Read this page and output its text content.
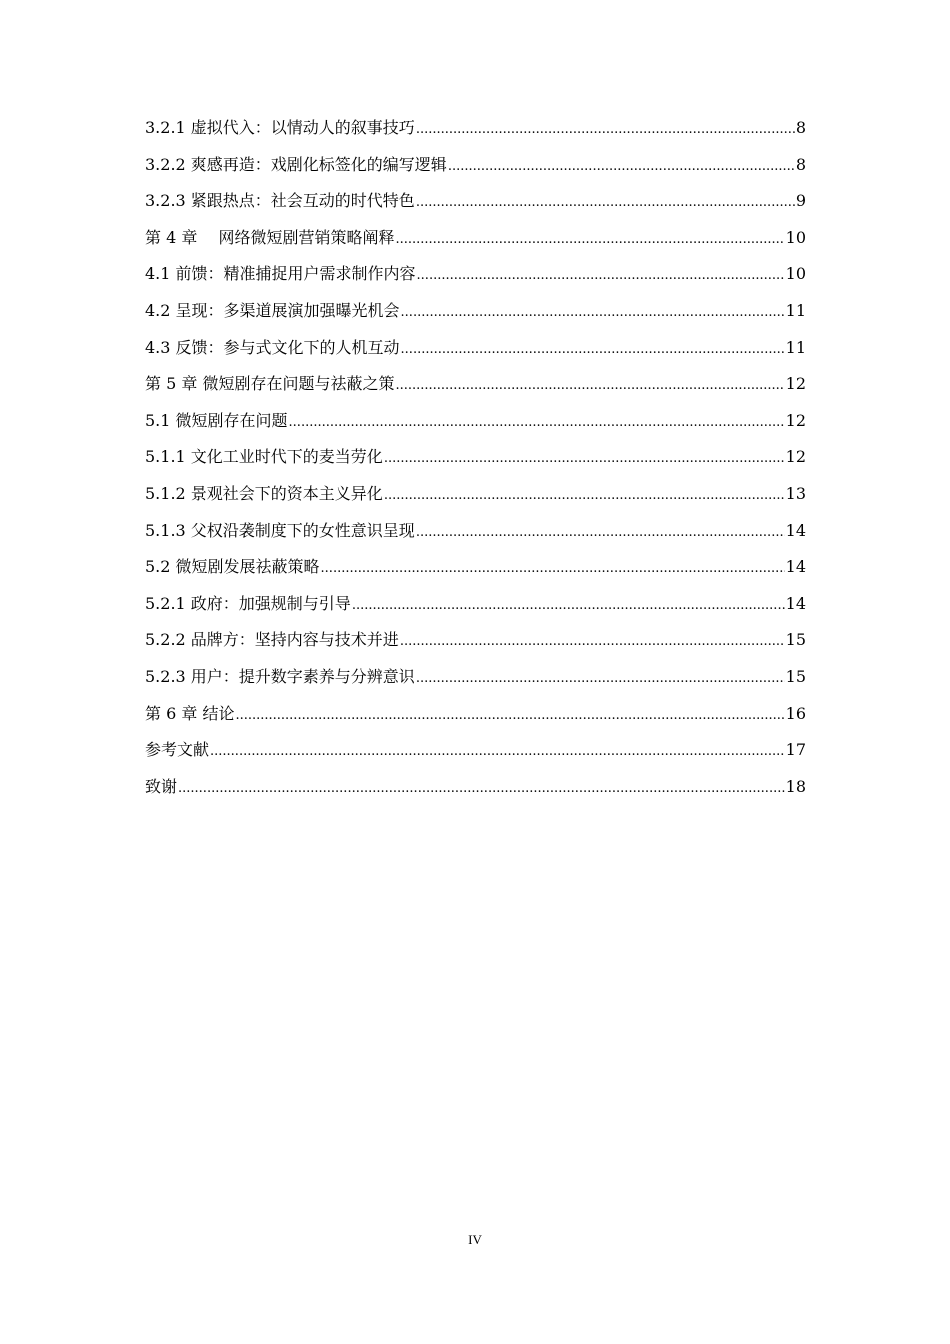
3.2.1 虚拟代入：以情动人的叙事技巧 .....	8
3.2.2 爽感再造：戏剧化标签化的编写逻辑 .....	8
3.2.3 紧跟热点：社会互动的时代特色 .....	9
第 4 章　 网络微短剧营销策略阐释 .....	10
4.1 前馈：精准捕捉用户需求制作内容 .....	10
4.2 呈现：多渠道展演加强曝光机会 .....	11
4.3 反馈：参与式文化下的人机互动 .....	11
第 5 章 微短剧存在问题与祛蔽之策 .....	12
5.1 微短剧存在问题 .....	12
5.1.1 文化工业时代下的麦当劳化 .....	12
5.1.2 景观社会下的资本主义异化 .....	13
5.1.3 父权沿袭制度下的女性意识呈现 .....	14
5.2 微短剧发展祛蔽策略 .....	14
5.2.1 政府：加强规制与引导 .....	14
5.2.2 品牌方：坚持内容与技术并进 .....	15
5.2.3 用户：提升数字素养与分辨意识 .....	15
第 6 章 结论 .....	16
参考文献 .....	17
致谢 .....	18
IV
